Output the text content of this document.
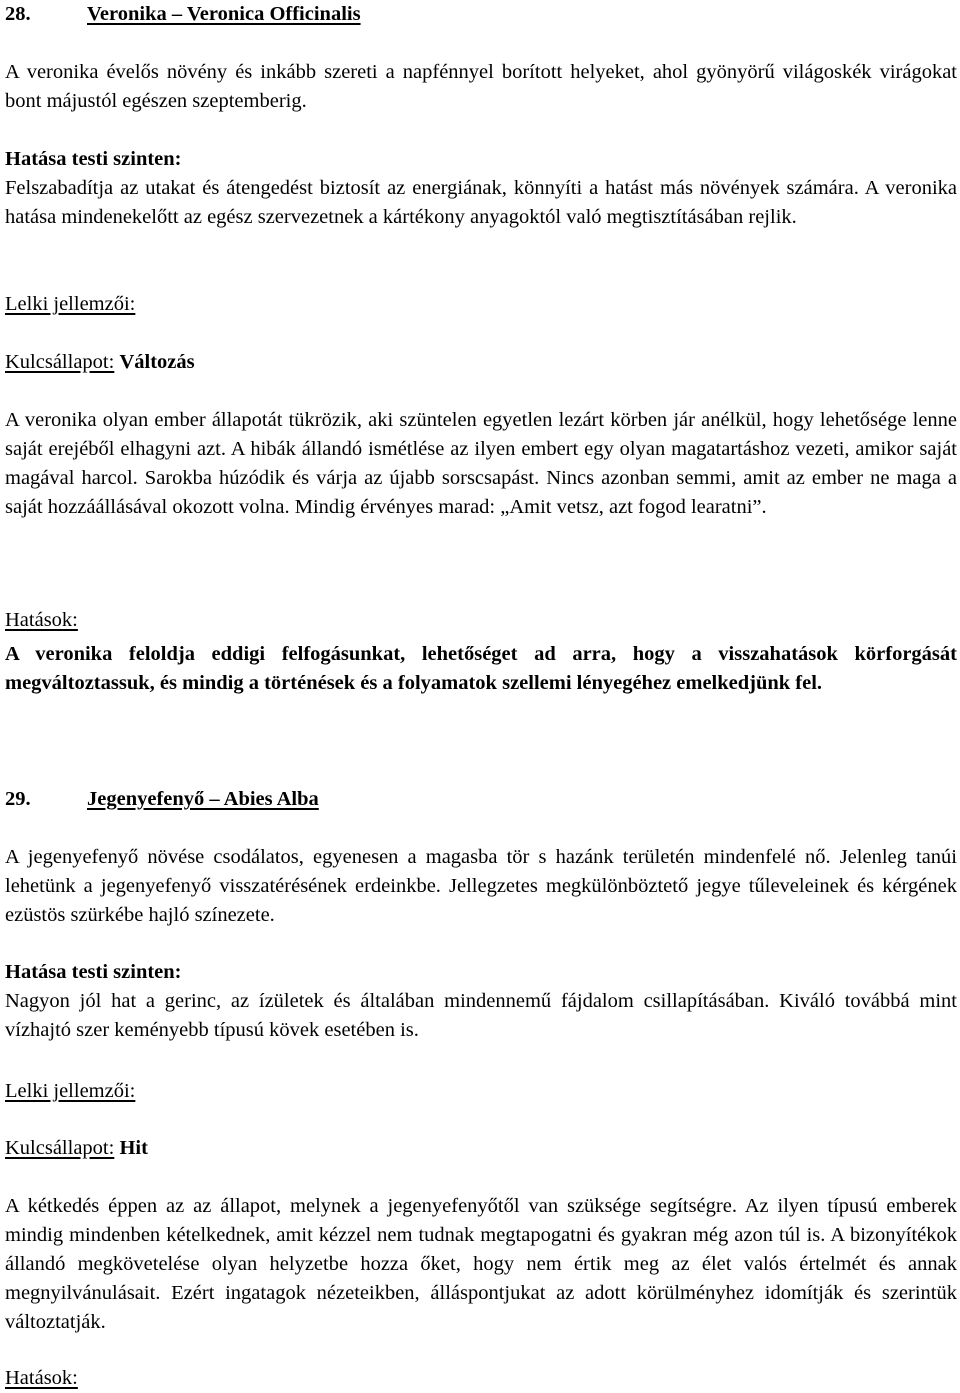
28.	Veronika – Veronica Officinalis

A veronika évelős növény és inkább szereti a napfénnyel borított helyeket, ahol gyönyörű világoskék virágokat bont májustól egészen szeptemberig.

Hatása testi szinten:

Felszabadítja az utakat és átengedést biztosít az energiának, könnyíti a hatást más növények számára. A veronika hatása mindenekelőtt az egész szervezetnek a kártékony anyagoktól való megtisztításában rejlik.

Lelki jellemzői:
Kulcsállapot: Változás

A veronika olyan ember állapotát tükrözik, aki szüntelen egyetlen lezárt körben jár anélkül, hogy lehetősége lenne saját erejéből elhagyni azt. A hibák állandó ismétlése az ilyen embert egy olyan magatartáshoz vezeti, amikor saját magával harcol. Sarokba húzódik és várja az újabb sorscsapást. Nincs azonban semmi, amit az ember ne maga a saját hozzáállásával okozott volna. Mindig érvényes marad: „Amit vetsz, azt fogod learatni”.

Hatások:

A veronika feloldja eddigi felfogásunkat, lehetőséget ad arra, hogy a visszahatások körforgását megváltoztassuk, és mindig a történések és a folyamatok szellemi lényegéhez emelkedjünk fel.

29.	Jegenyefenyő – Abies Alba

A jegenyefenyő növése csodálatos, egyenesen a magasba tör s hazánk területén mindenfelé nő. Jelenleg tanúi lehetünk a jegenyefenyő visszatérésének erdeinkbe. Jellegzetes megkülönböztető jegye tűleveleinek és kérgének ezüstös szürkébe hajló színezete.

Hatása testi szinten:

Nagyon jól hat a gerinc, az ízületek és általában mindennemű fájdalom csillapításában. Kiváló továbbá mint vízhajtó szer keményebb típusú kövek esetében is.

Lelki jellemzői:
Kulcsállapot: Hit

A kétkedés éppen az az állapot, melynek a jegenyefenyőtől van szüksége segítségre. Az ilyen típusú emberek mindig mindenben kételkednek, amit kézzel nem tudnak megtapogatni és gyakran még azon túl is. A bizonyítékok állandó megkövetelése olyan helyzetbe hozza őket, hogy nem értik meg az élet valós értelmét és annak megnyilvánulásait. Ezért ingatagok nézeteikben, álláspontjukat az adott körülményhez idomítják és szerintük változtatják.

Hatások:
